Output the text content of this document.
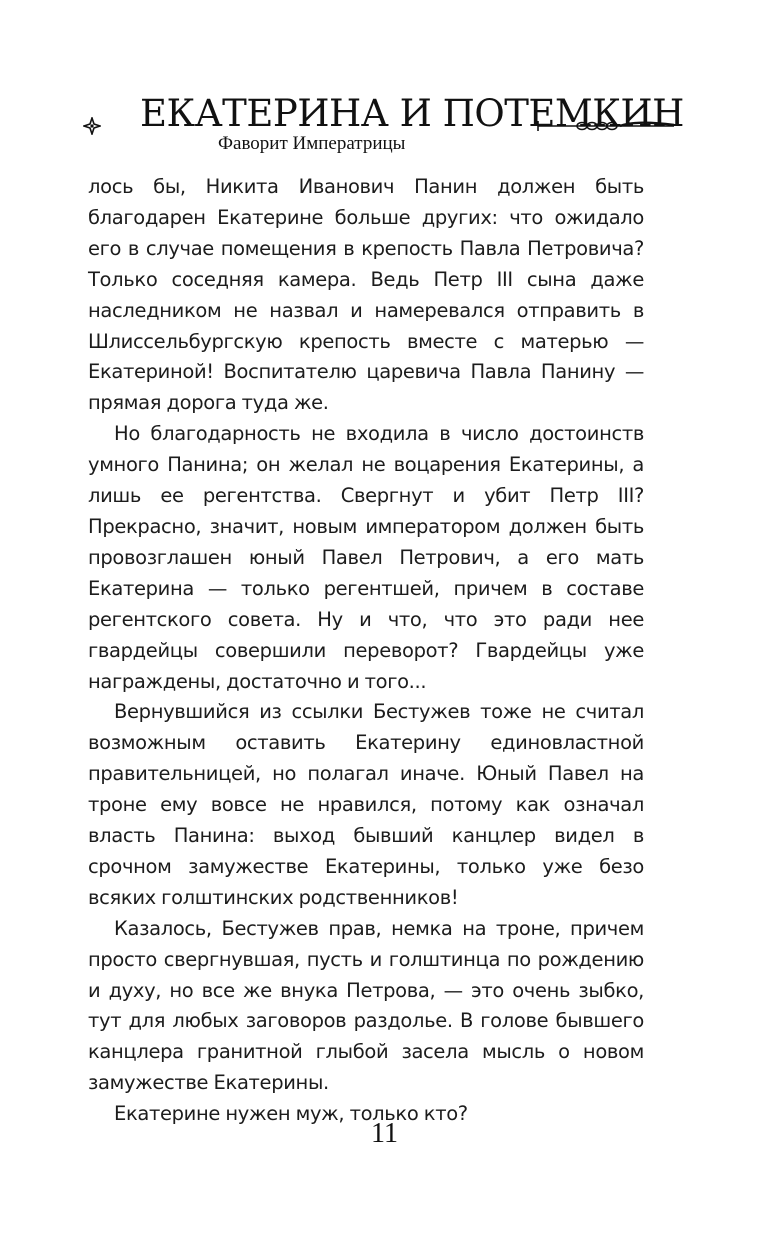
ЕКАТЕРИНА И ПОТЕМКИН
Фаворит Императрицы

лось бы, Никита Иванович Панин должен быть благодарен Екатерине больше других: что ожидало его в случае помещения в крепость Павла Петровича? Только соседняя камера. Ведь Петр III сына даже наследником не назвал и намеревался отправить в Шлиссельбургскую крепость вместе с матерью — Екатериной! Воспитателю царевича Павла Панину — прямая дорога туда же.

Но благодарность не входила в число достоинств умного Панина; он желал не воцарения Екатерины, а лишь ее регентства. Свергнут и убит Петр III? Прекрасно, значит, новым императором должен быть провозглашен юный Павел Петрович, а его мать Екатерина — только регентшей, причем в составе регентского совета. Ну и что, что это ради нее гвардейцы совершили переворот? Гвардейцы уже награждены, достаточно и того...

Вернувшийся из ссылки Бестужев тоже не считал возможным оставить Екатерину единовластной правительницей, но полагал иначе. Юный Павел на троне ему вовсе не нравился, потому как означал власть Панина: выход бывший канцлер видел в срочном замужестве Екатерины, только уже безо всяких голштинских родственников!

Казалось, Бестужев прав, немка на троне, причем просто свергнувшая, пусть и голштинца по рождению и духу, но все же внука Петрова, — это очень зыбко, тут для любых заговоров раздолье. В голове бывшего канцлера гранитной глыбой засела мысль о новом замужестве Екатерины.

Екатерине нужен муж, только кто?

11
